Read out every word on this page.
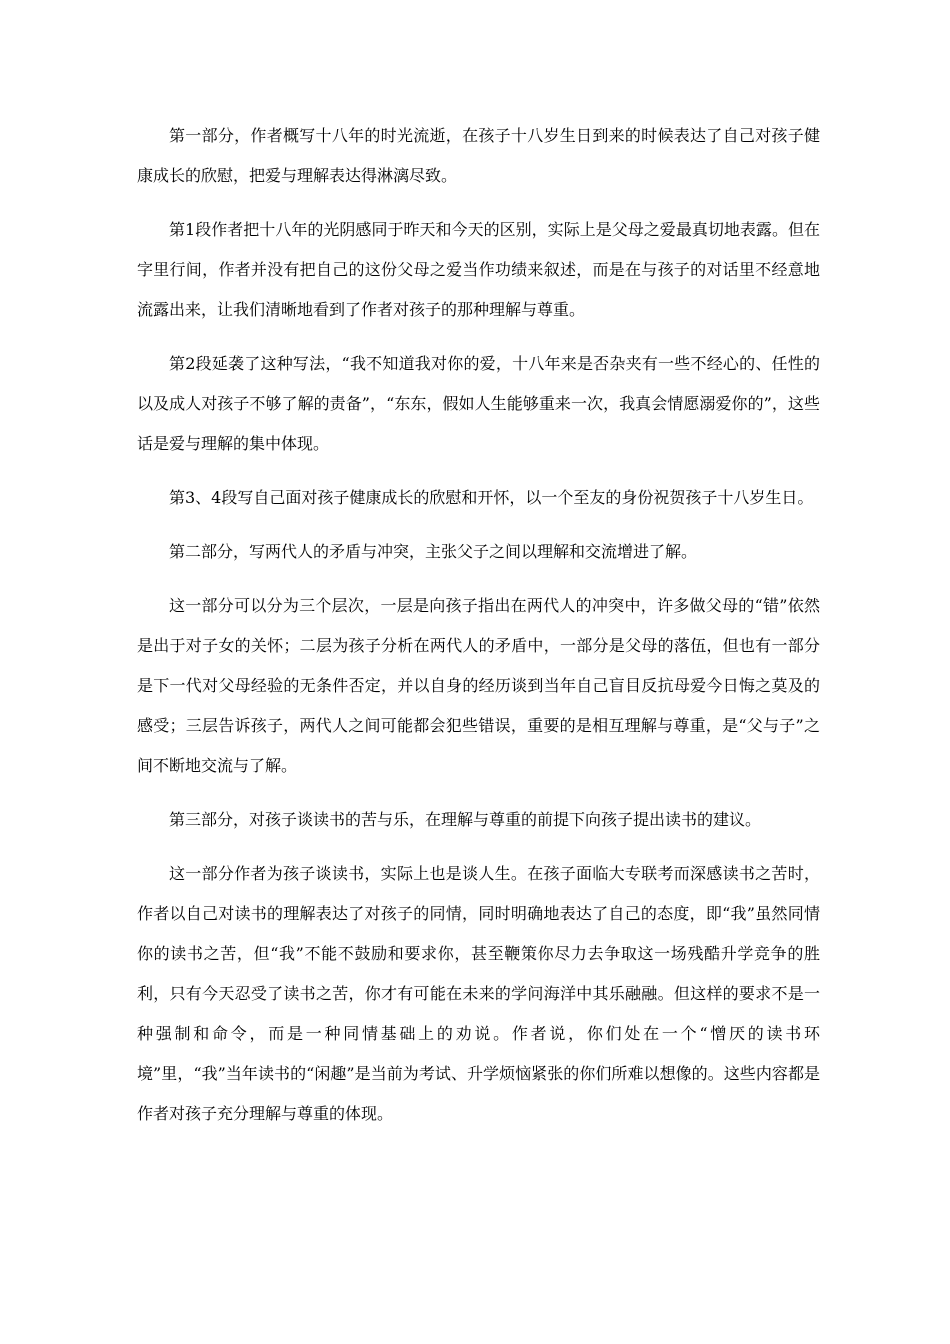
第一部分，作者概写十八年的时光流逝，在孩子十八岁生日到来的时候表达了自己对孩子健康成长的欣慰，把爱与理解表达得淋漓尽致。

第1段作者把十八年的光阴感同于昨天和今天的区别，实际上是父母之爱最真切地表露。但在字里行间，作者并没有把自己的这份父母之爱当作功绩来叙述，而是在与孩子的对话里不经意地流露出来，让我们清晰地看到了作者对孩子的那种理解与尊重。

第2段延袭了这种写法，“我不知道我对你的爱，十八年来是否杂夹有一些不经心的、任性的以及成人对孩子不够了解的责备”，“东东，假如人生能够重来一次，我真会情愿溺爱你的”，这些话是爱与理解的集中体现。

第3、4段写自己面对孩子健康成长的欣慰和开怀，以一个至友的身份祝贺孩子十八岁生日。

第二部分，写两代人的矛盾与冲突，主张父子之间以理解和交流增进了解。

这一部分可以分为三个层次，一层是向孩子指出在两代人的冲突中，许多做父母的“错”依然是出于对子女的关怀；二层为孩子分析在两代人的矛盾中，一部分是父母的落伍，但也有一部分是下一代对父母经验的无条件否定，并以自身的经历谈到当年自己盲目反抗母爱今日悔之莫及的感受；三层告诉孩子，两代人之间可能都会犯些错误，重要的是相互理解与尊重，是“父与子”之间不断地交流与了解。

第三部分，对孩子谈读书的苦与乐，在理解与尊重的前提下向孩子提出读书的建议。

这一部分作者为孩子谈读书，实际上也是谈人生。在孩子面临大专联考而深感读书之苦时，作者以自己对读书的理解表达了对孩子的同情，同时明确地表达了自己的态度，即“我”虽然同情你的读书之苦，但“我”不能不鼓励和要求你，甚至鞭策你尽力去争取这一场残酷升学竞争的胜利，只有今天忍受了读书之苦，你才有可能在未来的学问海洋中其乐融融。但这样的要求不是一种强制和命令，而是一种同情基础上的劝说。作者说，你们处在一个“憎厌的读书环境”里，“我”当年读书的“闲趣”是当前为考试、升学烦恼紧张的你们所难以想像的。这些内容都是作者对孩子充分理解与尊重的体现。
